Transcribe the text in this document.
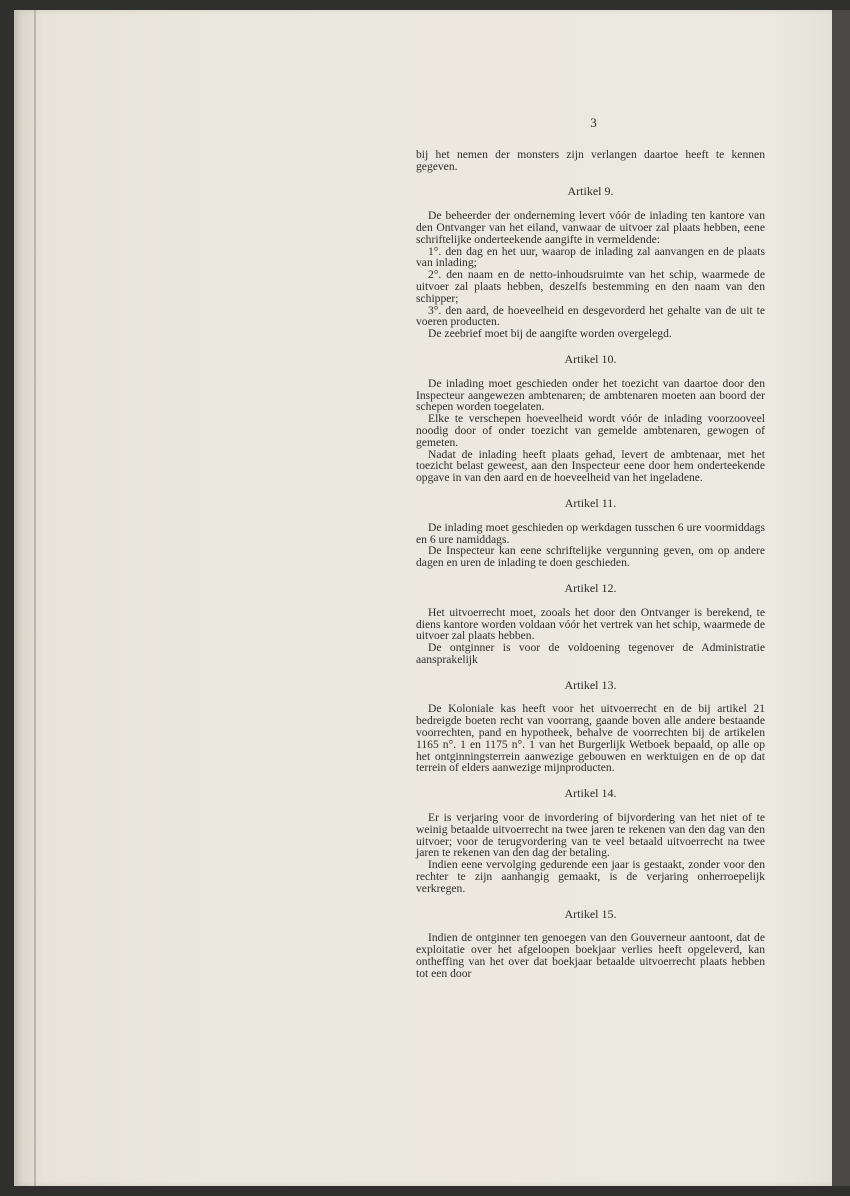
3

bij het nemen der monsters zijn verlangen daartoe heeft te kennen gegeven.

Artikel 9.

De beheerder der onderneming levert vóór de inlading ten kantore van den Ontvanger van het eiland, vanwaar de uitvoer zal plaats hebben, eene schriftelijke onderteekende aangifte in vermeldende:

1°. den dag en het uur, waarop de inlading zal aanvangen en de plaats van inlading;

2°. den naam en de netto-inhoudsruimte van het schip, waarmede de uitvoer zal plaats hebben, deszelfs bestemming en den naam van den schipper;

3°. den aard, de hoeveelheid en desgevorderd het gehalte van de uit te voeren producten.

De zeebrief moet bij de aangifte worden overgelegd.

Artikel 10.

De inlading moet geschieden onder het toezicht van daartoe door den Inspecteur aangewezen ambtenaren; de ambtenaren moeten aan boord der schepen worden toegelaten.

Elke te verschepen hoeveelheid wordt vóór de inlading voorzooveel noodig door of onder toezicht van gemelde ambtenaren, gewogen of gemeten.

Nadat de inlading heeft plaats gehad, levert de ambtenaar, met het toezicht belast geweest, aan den Inspecteur eene door hem onderteekende opgave in van den aard en de hoeveelheid van het ingeladene.

Artikel 11.

De inlading moet geschieden op werkdagen tusschen 6 ure voormiddags en 6 ure namiddags.

De Inspecteur kan eene schriftelijke vergunning geven, om op andere dagen en uren de inlading te doen geschieden.

Artikel 12.

Het uitvoerrecht moet, zooals het door den Ontvanger is berekend, te diens kantore worden voldaan vóór het vertrek van het schip, waarmede de uitvoer zal plaats hebben.

De ontginner is voor de voldoening tegenover de Administratie aansprakelijk

Artikel 13.

De Koloniale kas heeft voor het uitvoerrecht en de bij artikel 21 bedreigde boeten recht van voorrang, gaande boven alle andere bestaande voorrechten, pand en hypotheek, behalve de voorrechten bij de artikelen 1165 n°. 1 en 1175 n°. 1 van het Burgerlijk Wetboek bepaald, op alle op het ontginningsterrein aanwezige gebouwen en werktuigen en de op dat terrein of elders aanwezige mijnproducten.

Artikel 14.

Er is verjaring voor de invordering of bijvordering van het niet of te weinig betaalde uitvoerrecht na twee jaren te rekenen van den dag van den uitvoer; voor de terugvordering van te veel betaald uitvoerrecht na twee jaren te rekenen van den dag der betaling.

Indien eene vervolging gedurende een jaar is gestaakt, zonder voor den rechter te zijn aanhangig gemaakt, is de verjaring onherroepelijk verkregen.

Artikel 15.

Indien de ontginner ten genoegen van den Gouverneur aantoont, dat de exploitatie over het afgeloopen boekjaar verlies heeft opgeleverd, kan ontheffing van het over dat boekjaar betaalde uitvoerrecht plaats hebben tot een door
